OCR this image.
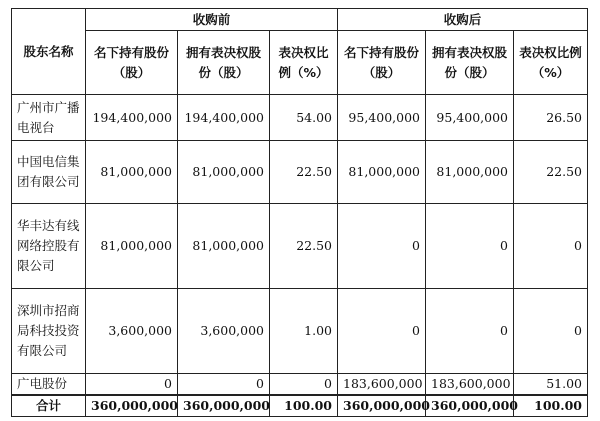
股东名称	收购前			收购后		
	名下持有股份（股）	拥有表决权股份（股）	表决权比例（%）	名下持有股份（股）	拥有表决权股份（股）	表决权比例（%）
广州市广播电视台	194,400,000	194,400,000	54.00	95,400,000	95,400,000	26.50
中国电信集团有限公司	81,000,000	81,000,000	22.50	81,000,000	81,000,000	22.50
华丰达有线网络控股有限公司	81,000,000	81,000,000	22.50	0	0	0
深圳市招商局科技投资有限公司	3,600,000	3,600,000	1.00	0	0	0
广电股份	0	0	0	183,600,000	183,600,000	51.00
合计	360,000,000	360,000,000	100.00	360,000,000	360,000,000	100.00
